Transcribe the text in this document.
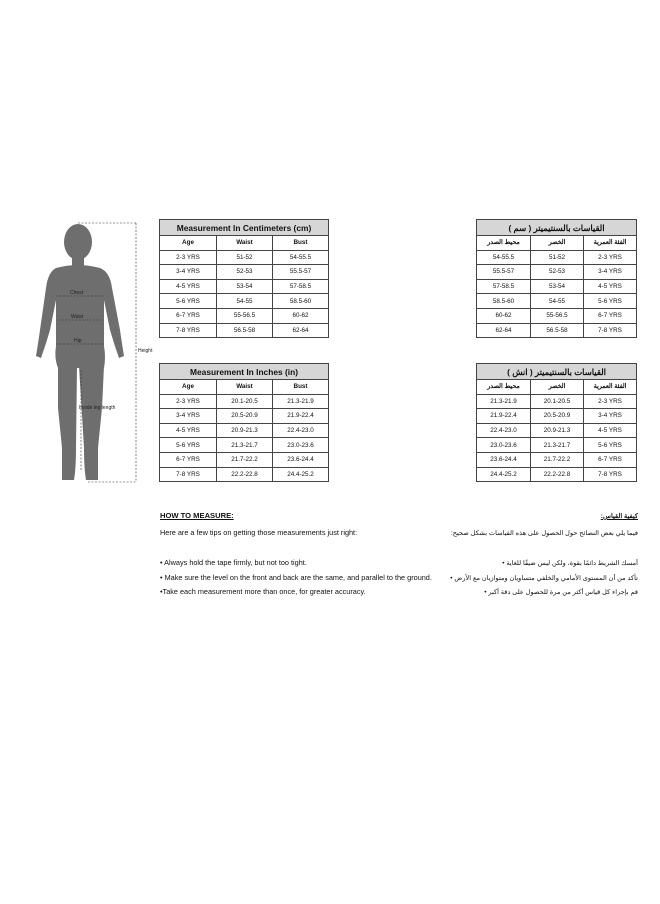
Chest
Waist
Hip
Inside leg length
Height
Measurement In Centimeters (cm)		
Age	Waist	Bust
2-3 YRS	51-52	54-55.5
3-4 YRS	52-53	55.5-57
4-5 YRS	53-54	57-58.5
5-6 YRS	54-55	58.5-60
6-7 YRS	55-56.5	60-62
7-8 YRS	56.5-58	62-64
Measurement In Inches (in)		
Age	Waist	Bust
2-3 YRS	20.1-20.5	21.3-21.9
3-4 YRS	20.5-20.9	21.9-22.4
4-5 YRS	20.9-21.3	22.4-23.0
5-6 YRS	21.3-21.7	23.0-23.6
6-7 YRS	21.7-22.2	23.6-24.4
7-8 YRS	22.2-22.8	24.4-25.2
القياسات بالسنتيميتر ( سم )		
محيط الصدر	الخصر	الفئة العمرية
54-55.5	51-52	2-3 YRS
55.5-57	52-53	3-4 YRS
57-58.5	53-54	4-5 YRS
58.5-60	54-55	5-6 YRS
60-62	55-56.5	6-7 YRS
62-64	56.5-58	7-8 YRS
القياسات بالسنتيميتر ( انش )		
محيط الصدر	الخصر	الفئة العمرية
21.3-21.9	20.1-20.5	2-3 YRS
21.9-22.4	20.5-20.9	3-4 YRS
22.4-23.0	20.9-21.3	4-5 YRS
23.0-23.6	21.3-21.7	5-6 YRS
23.6-24.4	21.7-22.2	6-7 YRS
24.4-25.2	22.2-22.8	7-8 YRS
HOW TO MEASURE:
Here are a few tips on getting those measurements just right:
• Always hold the tape firmly, but not too tight.
• Make sure the level on the front and back are the same, and parallel to the ground.
•Take each measurement more than once, for greater accuracy.
كيفية القياس:
فيما يلي بعض النصائح حول الحصول على هذه القياسات بشكل صحيح:
أمسك الشريط دائمًا بقوة، ولكن ليس ضيقًا للغاية •
تأكد من أن المستوى الأمامي والخلفي متساويان ومتوازيان مع الأرض •
قم بإجراء كل قياس أكثر من مرة للحصول على دقة أكبر •
